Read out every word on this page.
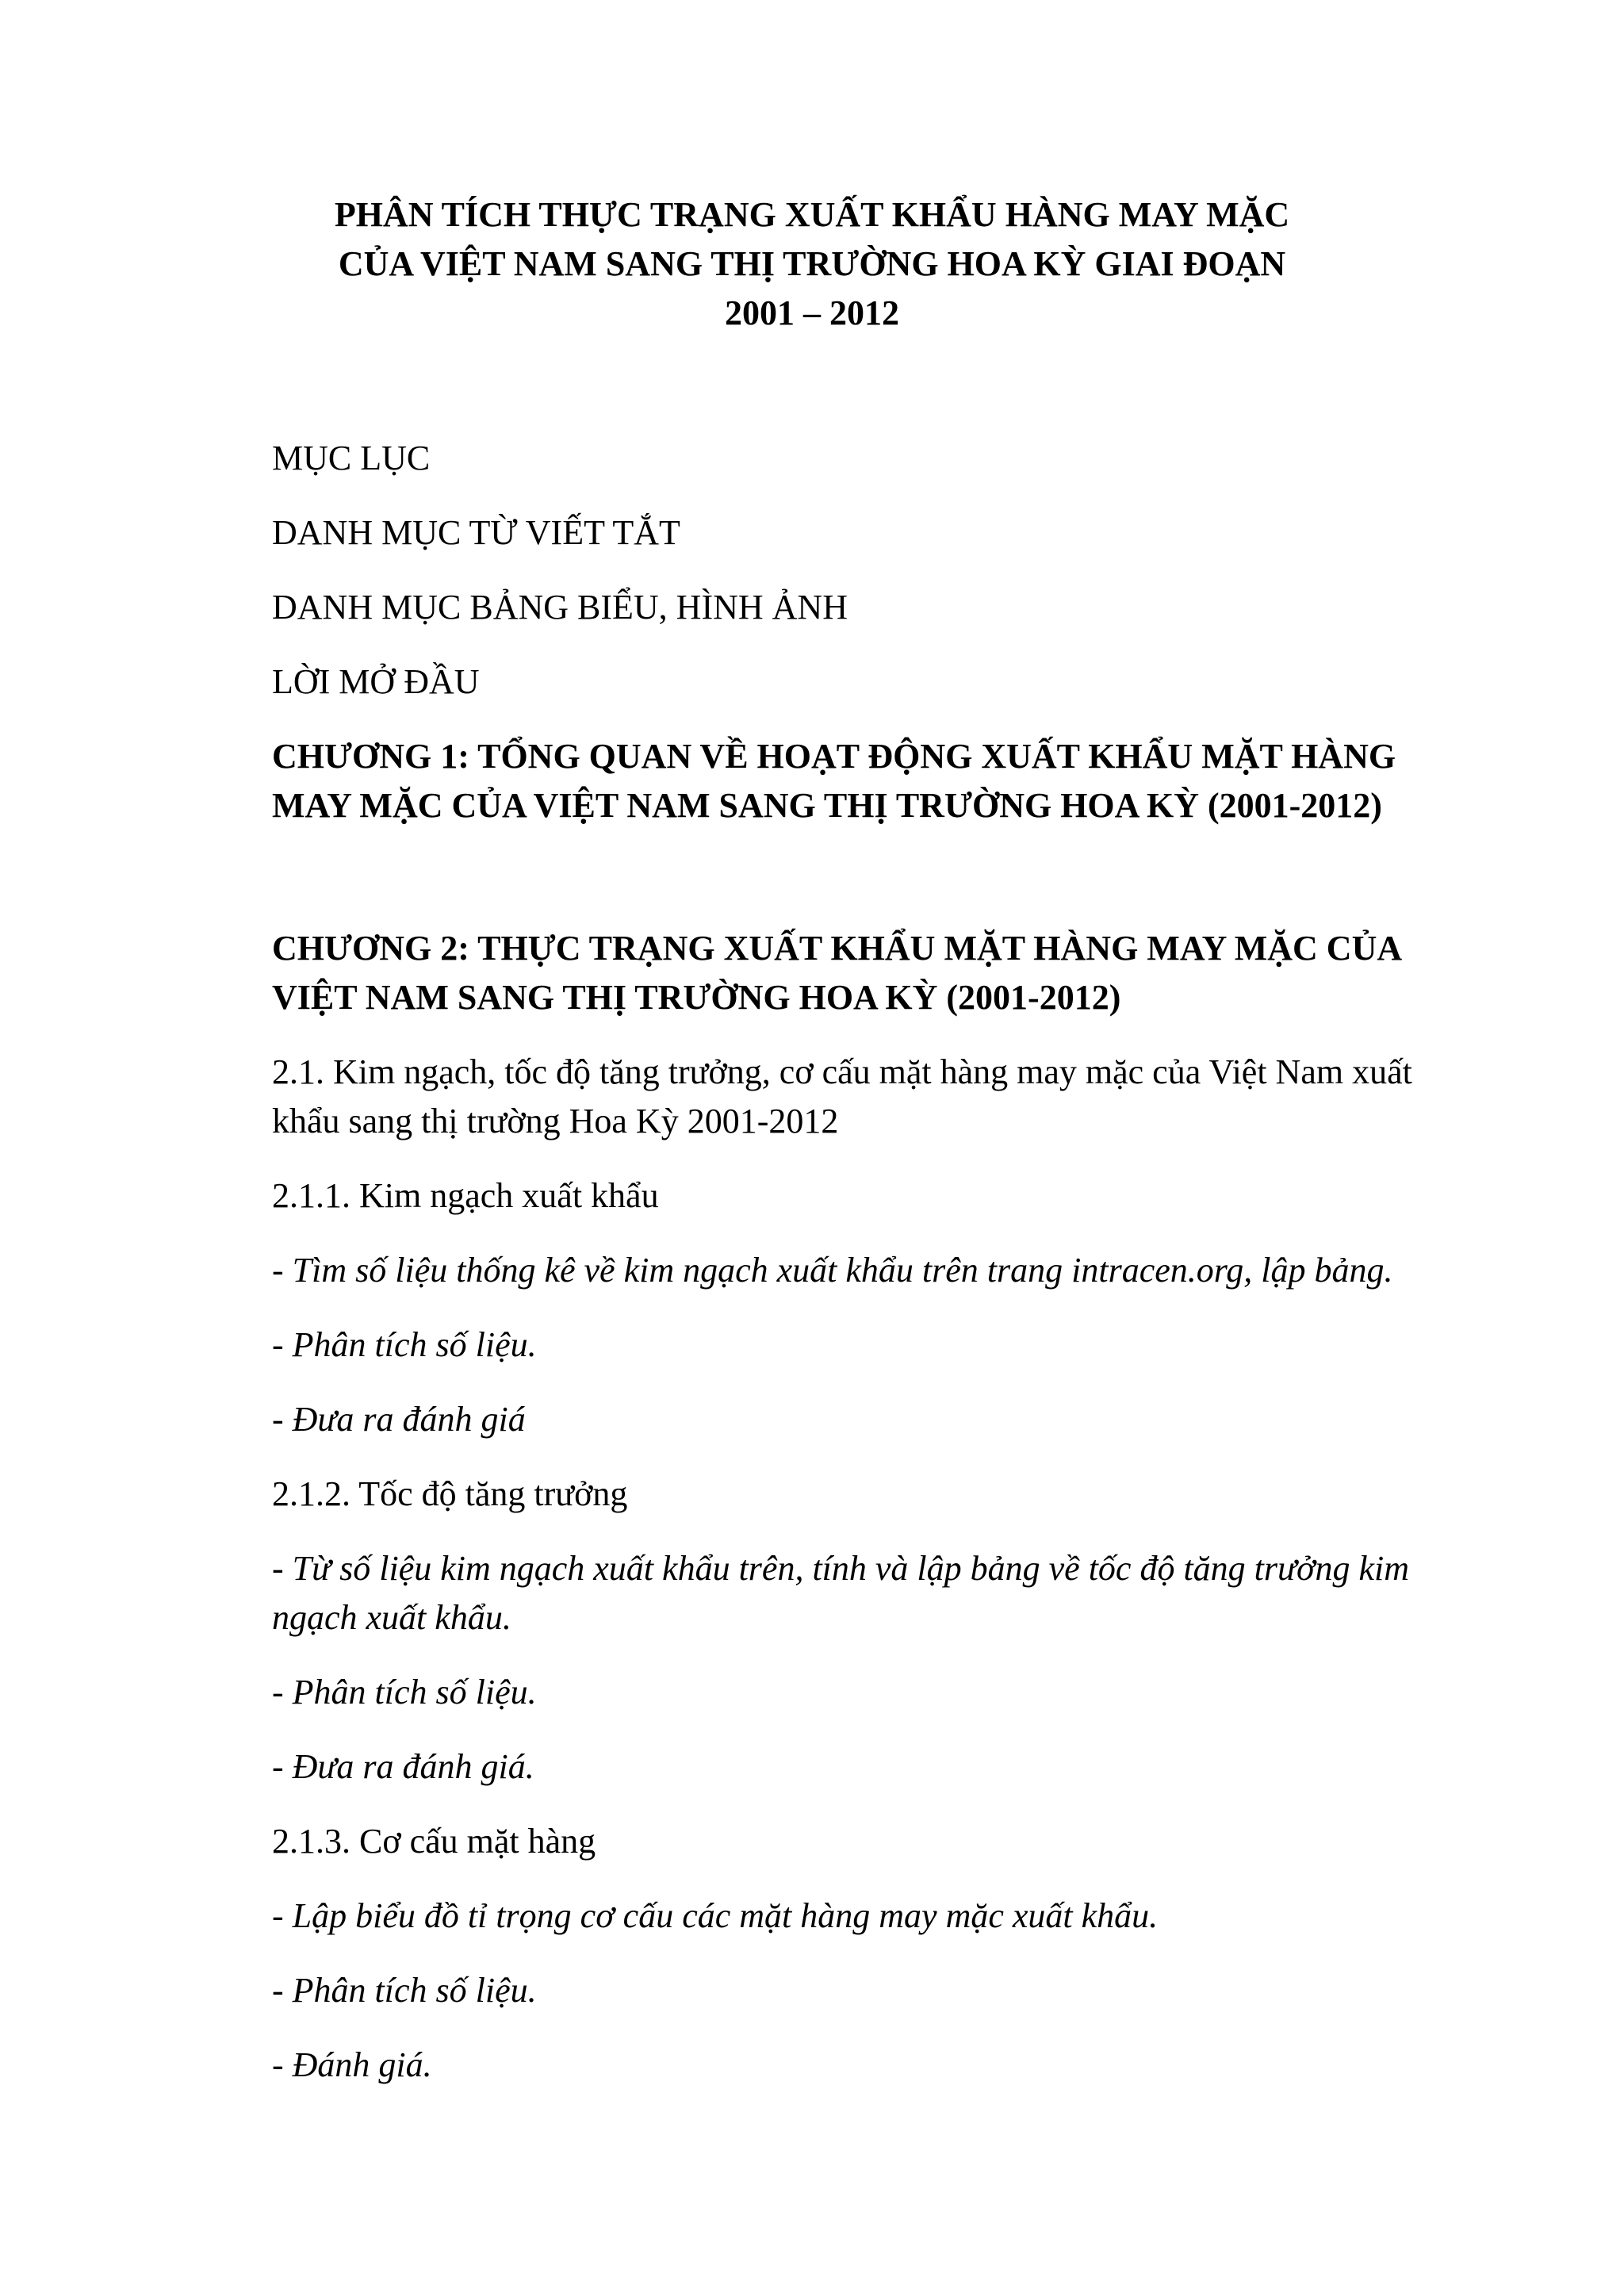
PHÂN TÍCH THỰC TRẠNG XUẤT KHẨU HÀNG MAY MẶC
CỦA VIỆT NAM SANG THỊ TRƯỜNG HOA KỲ GIAI ĐOẠN
2001 – 2012
MỤC LỤC
DANH MỤC TỪ VIẾT TẮT
DANH MỤC BẢNG BIỂU, HÌNH ẢNH
LỜI MỞ ĐẦU
CHƯƠNG 1: TỔNG QUAN VỀ HOẠT ĐỘNG XUẤT KHẨU MẶT HÀNG
MAY MẶC CỦA VIỆT NAM SANG THỊ TRƯỜNG HOA KỲ (2001-2012)
CHƯƠNG 2: THỰC TRẠNG XUẤT KHẨU MẶT HÀNG MAY MẶC CỦA
VIỆT NAM SANG THỊ TRƯỜNG HOA KỲ (2001-2012)
2.1. Kim ngạch, tốc độ tăng trưởng, cơ cấu mặt hàng may mặc của Việt Nam xuất
khẩu sang thị trường Hoa Kỳ 2001-2012
2.1.1. Kim ngạch xuất khẩu
- Tìm số liệu thống kê về kim ngạch xuất khẩu trên trang intracen.org, lập bảng.
- Phân tích số liệu.
- Đưa ra đánh giá
2.1.2. Tốc độ tăng trưởng
- Từ số liệu kim ngạch xuất khẩu trên, tính và lập bảng về tốc độ tăng trưởng kim
ngạch xuất khẩu.
- Phân tích số liệu.
- Đưa ra đánh giá.
2.1.3. Cơ cấu mặt hàng
- Lập biểu đồ tỉ trọng cơ cấu các mặt hàng may mặc xuất khẩu.
- Phân tích số liệu.
- Đánh giá.
